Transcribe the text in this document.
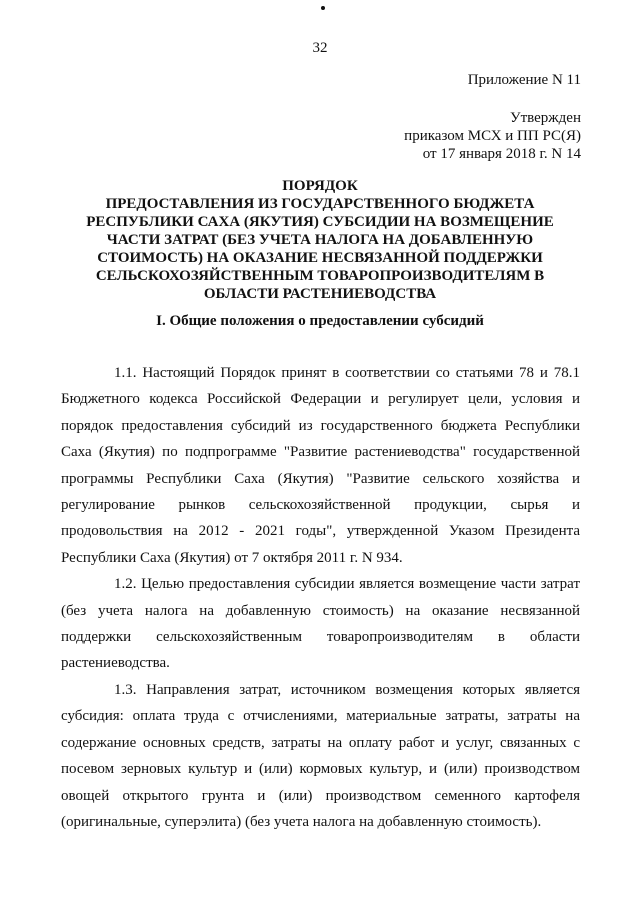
32
Приложение N 11
Утвержден
приказом МСХ и ПП РС(Я)
от 17 января 2018 г. N 14
ПОРЯДОК
ПРЕДОСТАВЛЕНИЯ ИЗ ГОСУДАРСТВЕННОГО БЮДЖЕТА
РЕСПУБЛИКИ САХА (ЯКУТИЯ) СУБСИДИИ НА ВОЗМЕЩЕНИЕ
ЧАСТИ ЗАТРАТ (БЕЗ УЧЕТА НАЛОГА НА ДОБАВЛЕННУЮ
СТОИМОСТЬ) НА ОКАЗАНИЕ НЕСВЯЗАННОЙ ПОДДЕРЖКИ
СЕЛЬСКОХОЗЯЙСТВЕННЫМ ТОВАРОПРОИЗВОДИТЕЛЯМ В
ОБЛАСТИ РАСТЕНИЕВОДСТВА
I. Общие положения о предоставлении субсидий
1.1. Настоящий Порядок принят в соответствии со статьями 78 и 78.1
Бюджетного кодекса Российской Федерации и регулирует цели, условия и
порядок предоставления субсидий из государственного бюджета Республики
Саха (Якутия) по подпрограмме "Развитие растениеводства" государственной
программы Республики Саха (Якутия) "Развитие сельского хозяйства и
регулирование рынков сельскохозяйственной продукции, сырья и
продовольствия на 2012 - 2021 годы", утвержденной Указом Президента
Республики Саха (Якутия) от 7 октября 2011 г. N 934.
1.2. Целью предоставления субсидии является возмещение части затрат
(без учета налога на добавленную стоимость) на оказание несвязанной
поддержки сельскохозяйственным товаропроизводителям в области
растениеводства.
1.3. Направления затрат, источником возмещения которых является
субсидия: оплата труда с отчислениями, материальные затраты, затраты на
содержание основных средств, затраты на оплату работ и услуг, связанных с
посевом зерновых культур и (или) кормовых культур, и (или) производством
овощей открытого грунта и (или) производством семенного картофеля
(оригинальные, суперэлита) (без учета налога на добавленную стоимость).
